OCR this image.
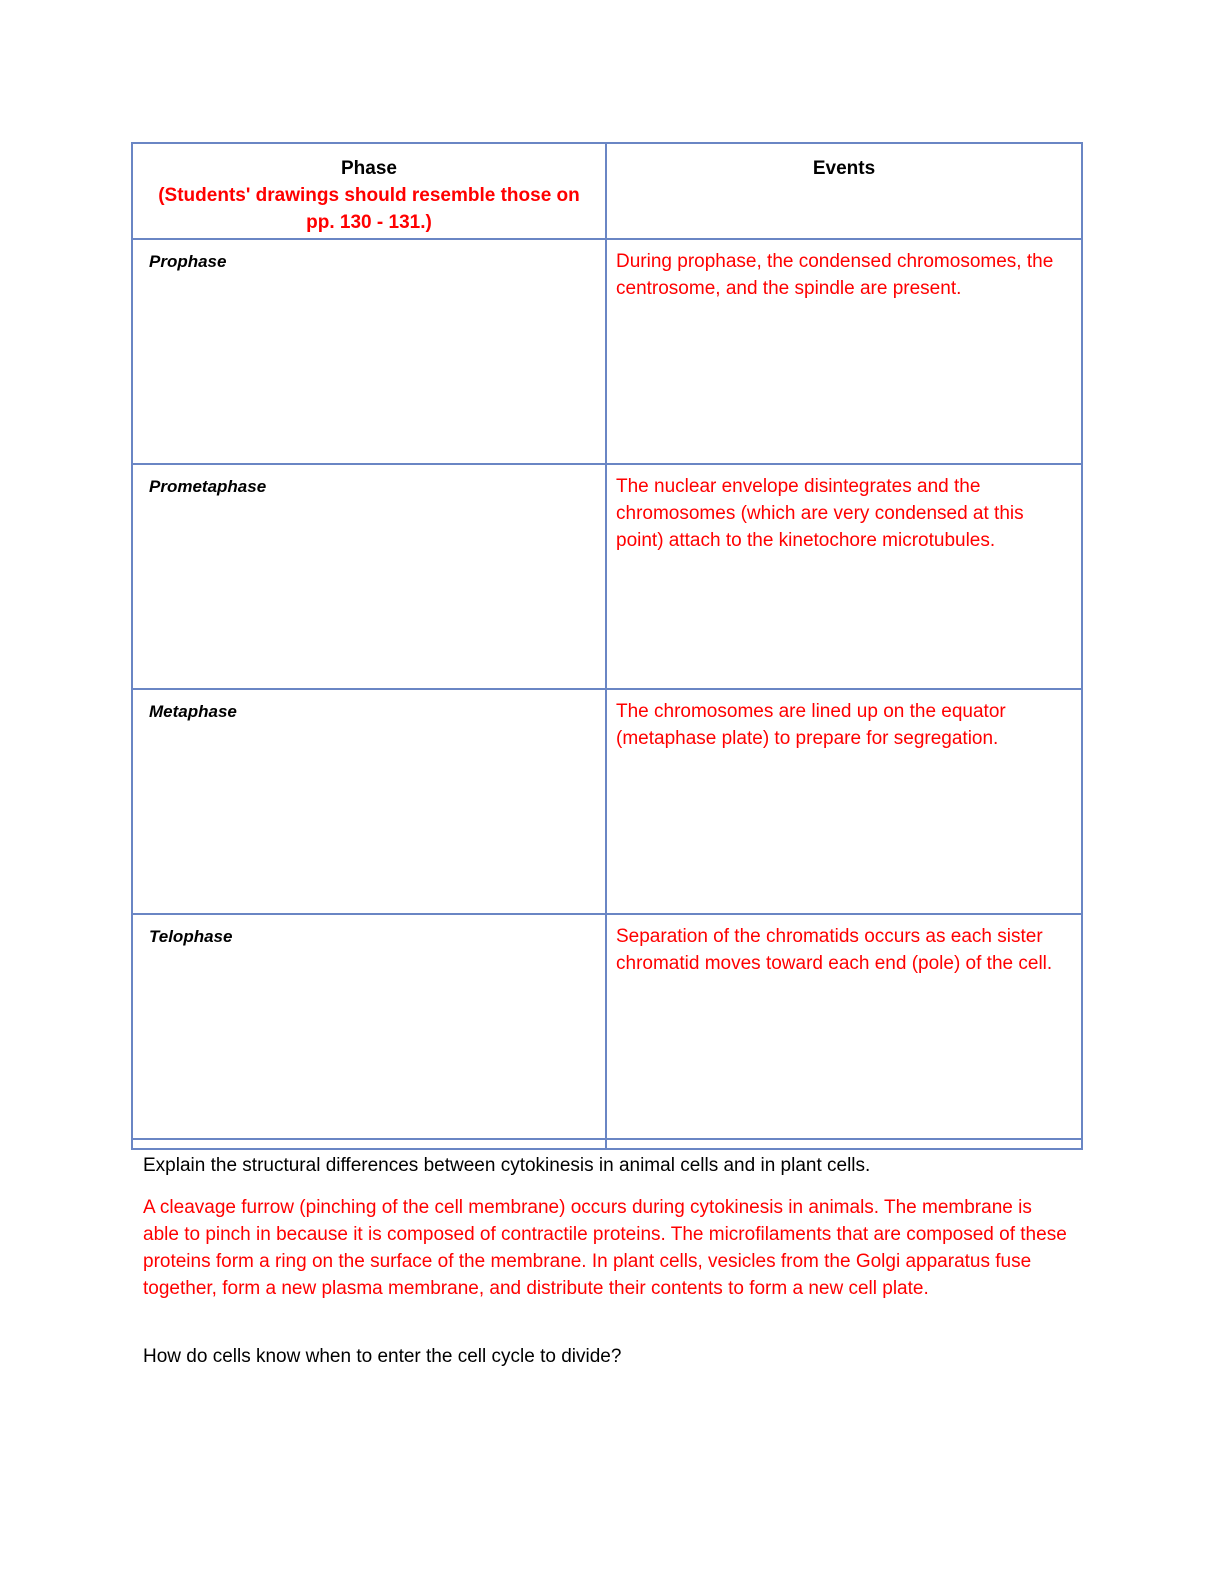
Phase
(Students' drawings should resemble those on pp. 130 - 131.)	Events

Prophase	During prophase, the condensed chromosomes, the centrosome, and the spindle are present.

Prometaphase	The nuclear envelope disintegrates and the chromosomes (which are very condensed at this point) attach to the kinetochore microtubules.

Metaphase	The chromosomes are lined up on the equator (metaphase plate) to prepare for segregation.

Telophase	Separation of the chromatids occurs as each sister chromatid moves toward each end (pole) of the cell.

Explain the structural differences between cytokinesis in animal cells and in plant cells.

A cleavage furrow (pinching of the cell membrane) occurs during cytokinesis in animals. The membrane is able to pinch in because it is composed of contractile proteins. The microfilaments that are composed of these proteins form a ring on the surface of the membrane. In plant cells, vesicles from the Golgi apparatus fuse together, form a new plasma membrane, and distribute their contents to form a new cell plate.

How do cells know when to enter the cell cycle to divide?
